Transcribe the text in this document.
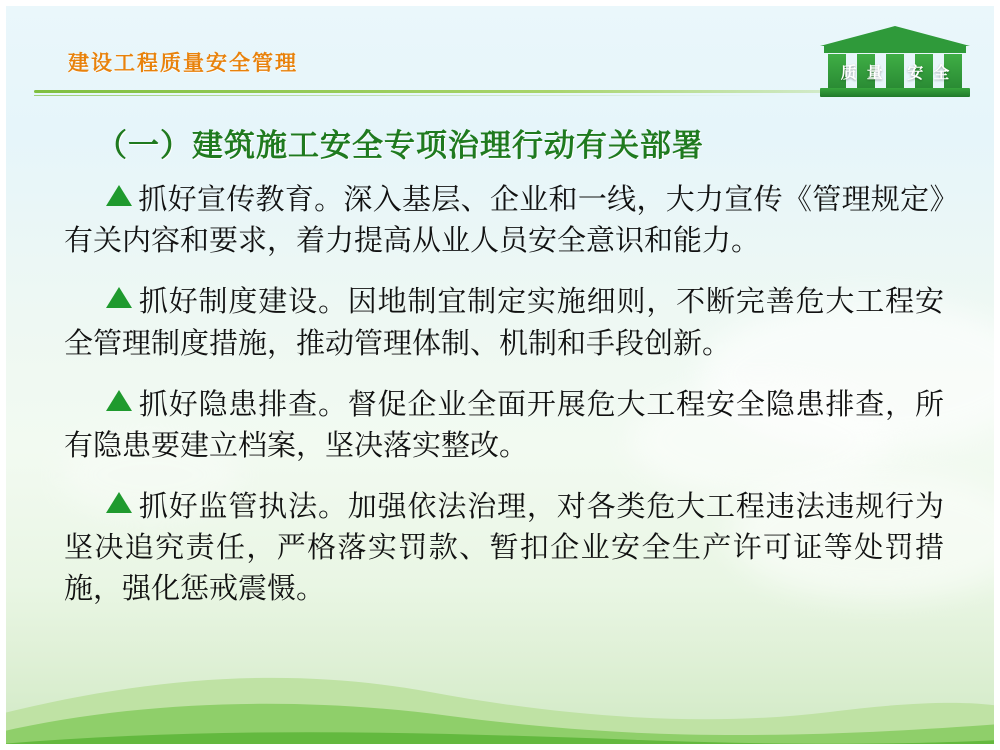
建设工程质量安全管理	质量 安全
（一）建筑施工安全专项治理行动有关部署

抓好宣传教育。深入基层、企业和一线，大力宣传《管理规定》有关内容和要求，着力提高从业人员安全意识和能力。

抓好制度建设。因地制宜制定实施细则，不断完善危大工程安全管理制度措施，推动管理体制、机制和手段创新。

抓好隐患排查。督促企业全面开展危大工程安全隐患排查，所有隐患要建立档案，坚决落实整改。

抓好监管执法。加强依法治理，对各类危大工程违法违规行为坚决追究责任，严格落实罚款、暂扣企业安全生产许可证等处罚措施，强化惩戒震慑。
